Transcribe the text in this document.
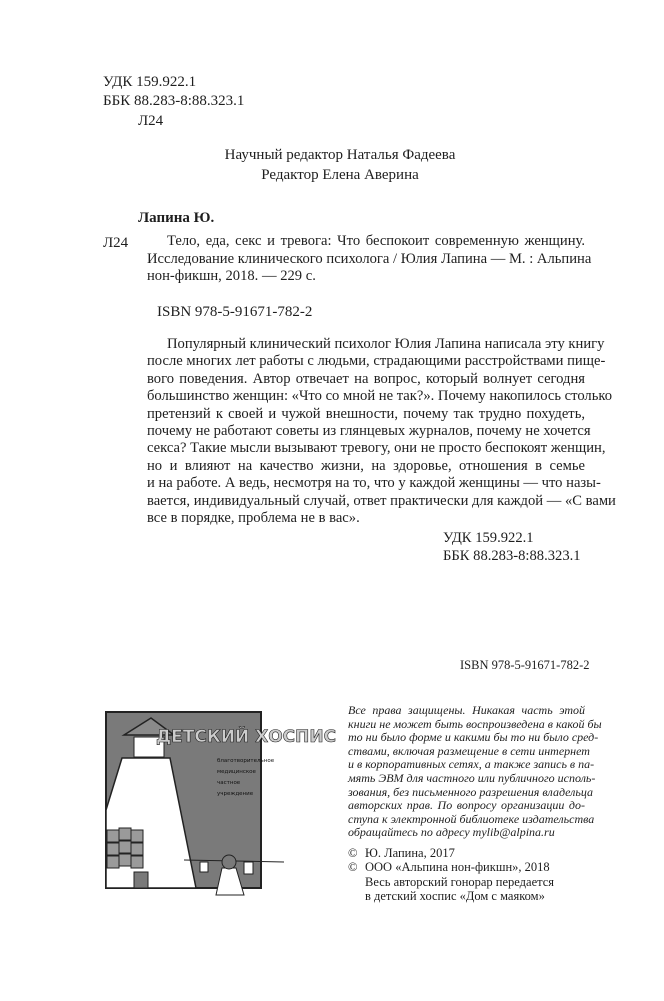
УДК 159.922.1
ББК 88.283-8:88.323.1
Л24
Научный редактор Наталья Фадеева
Редактор Елена Аверина
Лапина Ю.
Л24	Тело, еда, секс и тревога: Что беспокоит современную женщину.
Исследование клинического психолога / Юлия Лапина — М. : Альпина
нон-фикшн, 2018. — 229 с.
ISBN 978-5-91671-782-2
Популярный клинический психолог Юлия Лапина написала эту книгу
после многих лет работы с людьми, страдающими расстройствами пище-
вого поведения. Автор отвечает на вопрос, который волнует сегодня
большинство женщин: «Что со мной не так?». Почему накопилось столько
претензий к своей и чужой внешности, почему так трудно похудеть,
почему не работают советы из глянцевых журналов, почему не хочется
секса? Такие мысли вызывают тревогу, они не просто беспокоят женщин,
но и влияют на качество жизни, на здоровье, отношения в семье
и на работе. А ведь, несмотря на то, что у каждой женщины — что назы-
вается, индивидуальный случай, ответ практически для каждой — «С вами
все в порядке, проблема не в вас».
УДК 159.922.1
ББК 88.283-8:88.323.1
ISBN 978-5-91671-782-2
ДЕТСКИЙ ХОСПИС
благотворительное
медицинское
частное
учреждение
Все права защищены. Никакая часть этой
книги не может быть воспроизведена в какой бы
то ни было форме и какими бы то ни было сред-
ствами, включая размещение в сети интернет
и в корпоративных сетях, а также запись в па-
мять ЭВМ для частного или публичного исполь-
зования, без письменного разрешения владельца
авторских прав. По вопросу организации до-
ступа к электронной библиотеке издательства
обращайтесь по адресу mylib@alpina.ru
© Ю. Лапина, 2017
© ООО «Альпина нон-фикшн», 2018
Весь авторский гонорар передается
в детский хоспис «Дом с маяком»
